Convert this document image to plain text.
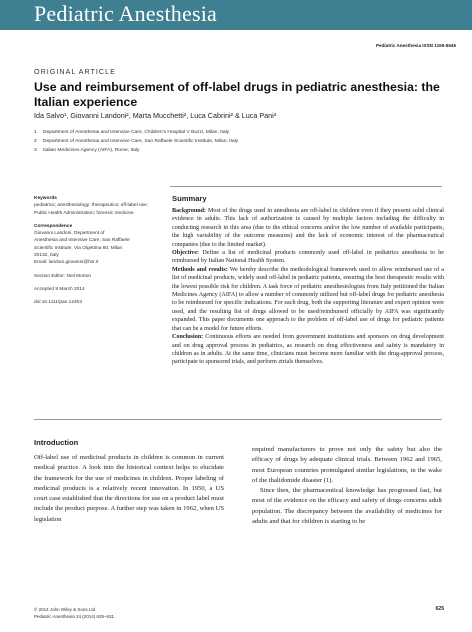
Pediatric Anesthesia
Pediatric Anesthesia ISSN 1155-5645
ORIGINAL ARTICLE
Use and reimbursement of off-label drugs in pediatric anesthesia: the Italian experience
Ida Salvo¹, Giovanni Landoni², Marta Mucchetti², Luca Cabrini² & Luca Pani³
1	Department of Anesthesia and Intensive Care, Children’s Hospital V Buzzi, Milan, Italy
2	Department of Anesthesia and Intensive Care, San Raffaele Scientific Institute, Milan, Italy
3	Italian Medicines Agency (AIFA), Rome, Italy
Keywords
pediatrics; anesthesiology; therapeutics; off-label use; Public Health Administration; forensic medicine
Correspondence
Giovanni Landoni, Department of
Anesthesia and Intensive Care, San Raffaele
Scientific Institute, Via Olgettina 60, Milan
20132, Italy
Email: landoni.giovanni@hsr.it
Section Editor: Neil Morton
Accepted 9 March 2014
doi:10.1111/pan.12403
Summary

Background: Most of the drugs used in anesthesia are off-label in children even if they present solid clinical evidence in adults. This lack of authorization is caused by multiple factors including the difficulty in conducting research in this area (due to the ethical concerns and/or the low number of available participants, the high variability of the outcome measures) and the lack of economic interest of the pharmaceutical companies (due to the limited market).

Objective: Define a list of medicinal products commonly used off-label in pediatrics anesthesia to be reimbursed by Italian National Health System.

Methods and results: We hereby describe the methodological framework used to allow reimbursed use of a list of medicinal products, widely used off-label in pediatric patients, ensuring the best therapeutic results with the lowest possible risk for children. A task force of pediatric anesthesiologists from Italy petitioned the Italian Medicines Agency (AIFA) to allow a number of commonly utilized but off-label drugs for pediatric anesthesia to be reimbursed for specific indications. For each drug, both the supporting literature and expert opinion were used, and the resulting list of drugs allowed to be used/reimbursed officially by AIFA was significantly expanded. This paper documents one approach to the problem of off-label use of drugs for pediatric patients that can be a model for future efforts.

Conclusion: Continuous efforts are needed from government institutions and sponsors on drug development and on drug approval process in pediatrics, as research on drug effectiveness and safety is mandatory in children as in adults. At the same time, clinicians must become more familiar with the drug-approval process, participate to sponsored trials, and perform ztrials themselves.

Introduction

Off-label use of medicinal products in children is common in current medical practice. A look into the historical context helps to elucidate the framework for the use of medicines in children. Proper labeling of medicinal products is a relatively recent innovation. In 1950, a US court case established that the directions for use on a product label must include the product purpose. A further step was taken in 1962, when US legislation

required manufacturers to prove not only the safety but also the efficacy of drugs by adequate clinical trials. Between 1962 and 1965, most European countries promulgated similar legislations, in the wake of the thalidomide disaster (1).

Since then, the pharmaceutical knowledge has progressed fast, but most of the evidence on the efficacy and safety of drugs concerns adult population. The discrepancy between the availability of medicines for adults and that for children is starting to be

© 2014 John Wiley & Sons Ltd
Pediatric Anesthesia 24 (2014) 625–631
625
